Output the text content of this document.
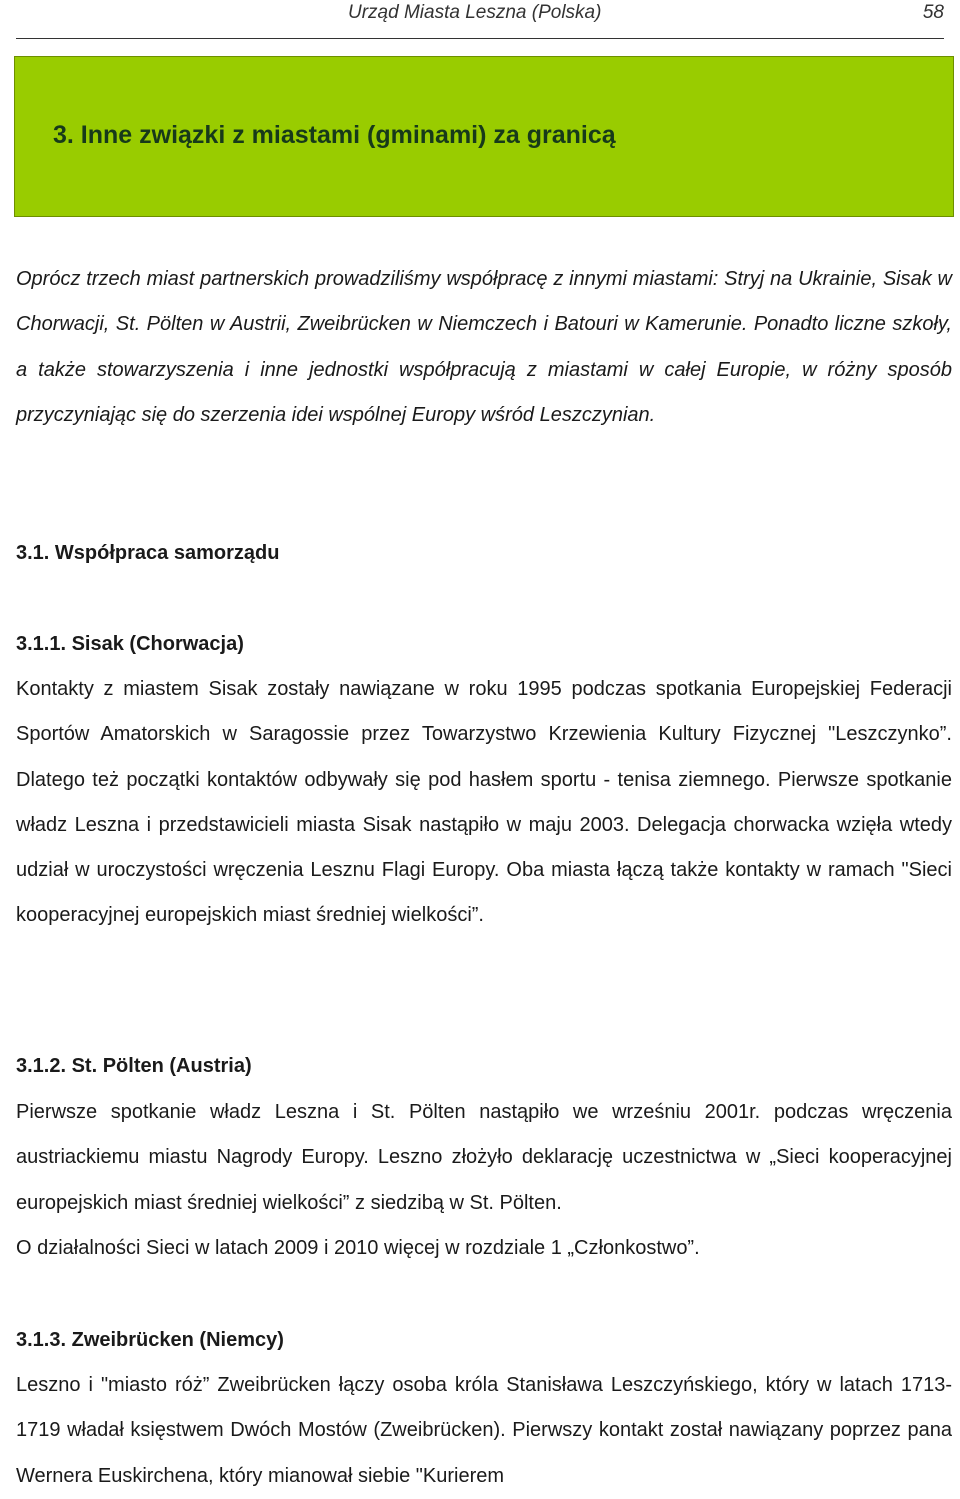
Urząd Miasta Leszna (Polska)	58
3. Inne związki z miastami (gminami) za granicą

Oprócz trzech miast partnerskich prowadziliśmy współpracę z innymi miastami: Stryj na Ukrainie, Sisak w Chorwacji, St. Pölten w Austrii, Zweibrücken w Niemczech i Batouri w Kamerunie. Ponadto liczne szkoły, a także stowarzyszenia i inne jednostki współpracują z miastami w całej Europie, w różny sposób przyczyniając się do szerzenia idei wspólnej Europy wśród Leszczynian.

3.1. Współpraca samorządu
3.1.1. Sisak (Chorwacja)

Kontakty z miastem Sisak zostały nawiązane w roku 1995 podczas spotkania Europejskiej Federacji Sportów Amatorskich w Saragossie przez Towarzystwo Krzewienia Kultury Fizycznej "Leszczynko”. Dlatego też początki kontaktów odbywały się pod hasłem sportu - tenisa ziemnego. Pierwsze spotkanie władz Leszna i przedstawicieli miasta Sisak nastąpiło w maju 2003. Delegacja chorwacka wzięła wtedy udział w uroczystości wręczenia Lesznu Flagi Europy. Oba miasta łączą także kontakty w ramach "Sieci kooperacyjnej europejskich miast średniej wielkości”.

3.1.2. St. Pölten (Austria)

Pierwsze spotkanie władz Leszna i St. Pölten nastąpiło we wrześniu 2001r. podczas wręczenia austriackiemu miastu Nagrody Europy. Leszno złożyło deklarację uczestnictwa w „Sieci kooperacyjnej europejskich miast średniej wielkości” z siedzibą w St. Pölten.

O działalności Sieci w latach 2009 i 2010 więcej w rozdziale 1 „Członkostwo”.

3.1.3. Zweibrücken (Niemcy)

Leszno i "miasto róż” Zweibrücken łączy osoba króla Stanisława Leszczyńskiego, który w latach 1713-1719 władał księstwem Dwóch Mostów (Zweibrücken). Pierwszy kontakt został nawiązany poprzez pana Wernera Euskirchena, który mianował siebie "Kurierem
